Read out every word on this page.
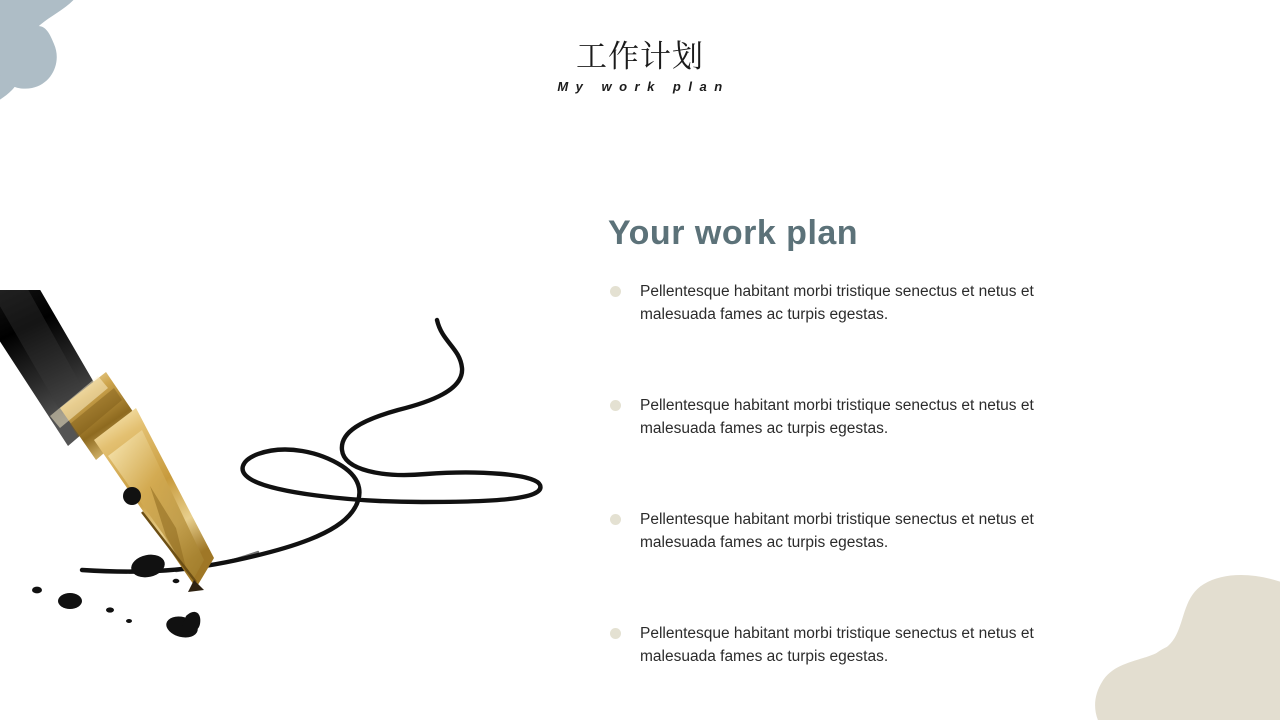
工作计划
My work plan
Your work plan
Pellentesque habitant morbi tristique senectus et netus et malesuada fames ac turpis egestas.
Pellentesque habitant morbi tristique senectus et netus et malesuada fames ac turpis egestas.
Pellentesque habitant morbi tristique senectus et netus et malesuada fames ac turpis egestas.
Pellentesque habitant morbi tristique senectus et netus et malesuada fames ac turpis egestas.
